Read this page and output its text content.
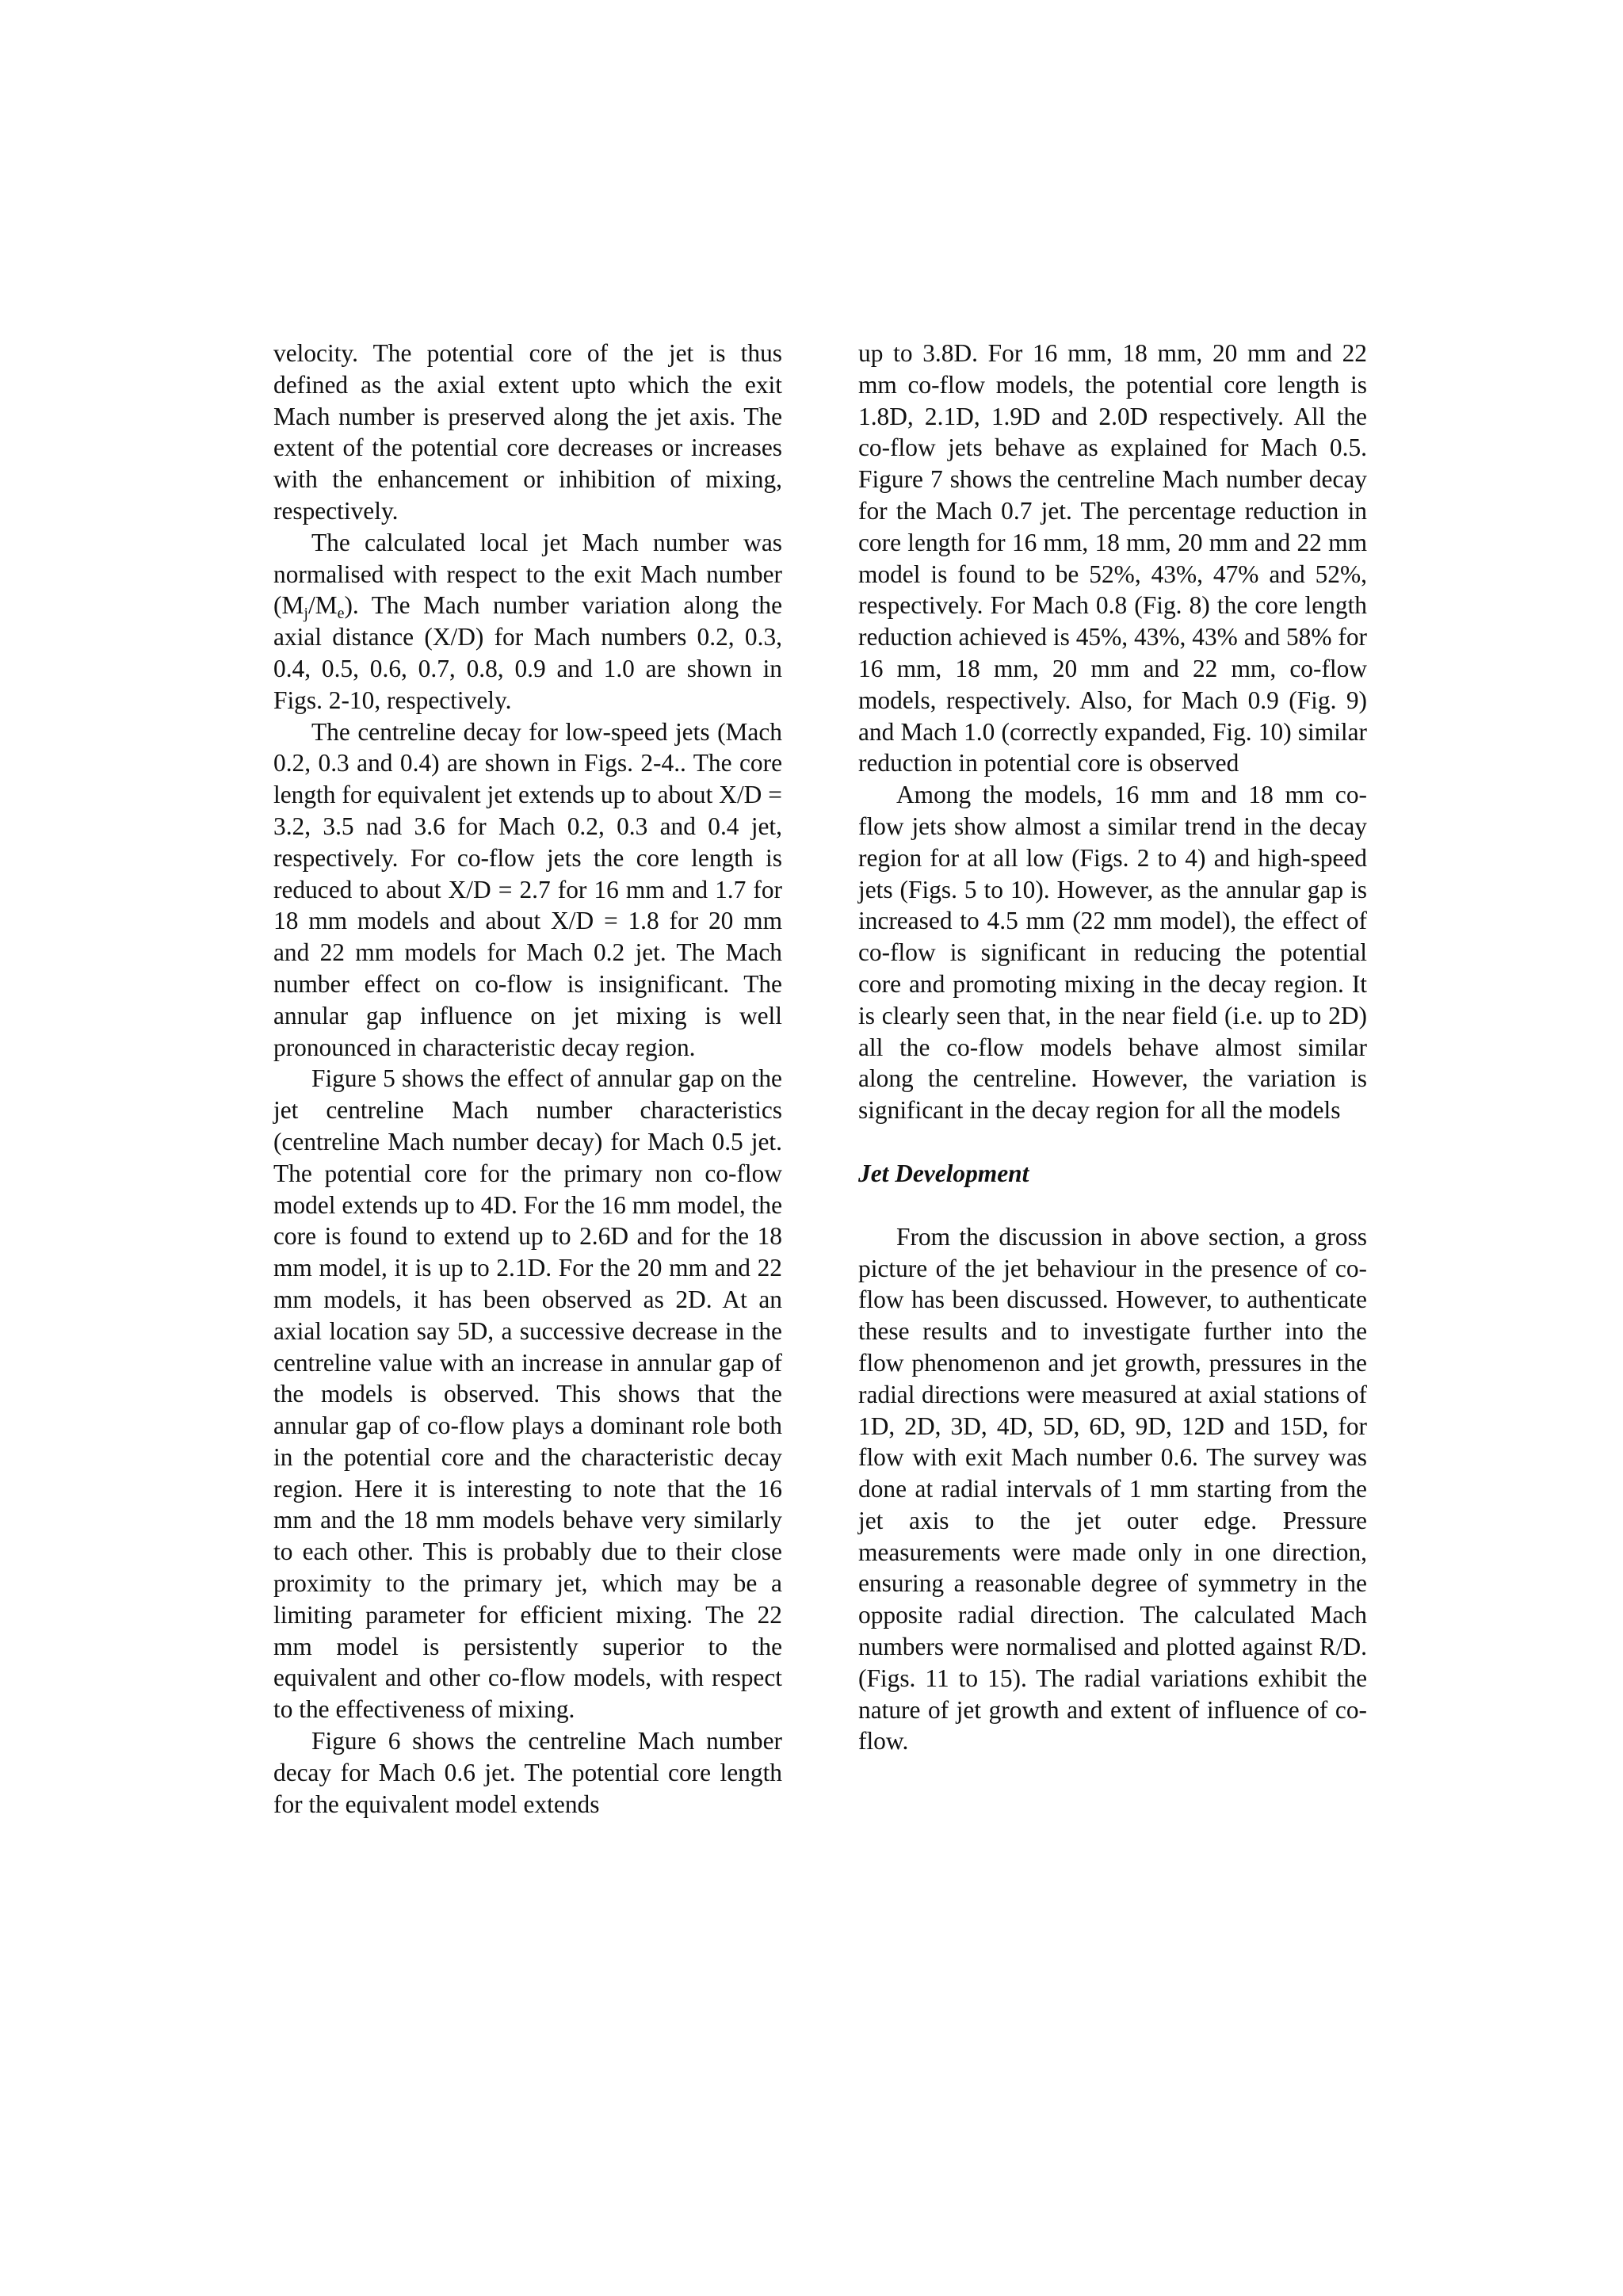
velocity. The potential core of the jet is thus defined as the axial extent upto which the exit Mach number is preserved along the jet axis. The extent of the potential core decreases or increases with the enhancement or inhibition of mixing, respectively.

The calculated local jet Mach number was normalised with respect to the exit Mach number $(M_j/M_e)$. The Mach number variation along the axial distance (X/D) for Mach numbers 0.2, 0.3, 0.4, 0.5, 0.6, 0.7, 0.8, 0.9 and 1.0 are shown in Figs. 2-10, respectively.

The centreline decay for low-speed jets (Mach 0.2, 0.3 and 0.4) are shown in Figs. 2-4.. The core length for equivalent jet extends up to about X/D = 3.2, 3.5 nad 3.6 for Mach 0.2, 0.3 and 0.4 jet, respectively. For co-flow jets the core length is reduced to about X/D = 2.7 for 16 mm and 1.7 for 18 mm models and about X/D = 1.8 for 20 mm and 22 mm models for Mach 0.2 jet. The Mach number effect on co-flow is insignificant. The annular gap influence on jet mixing is well pronounced in characteristic decay region.

Figure 5 shows the effect of annular gap on the jet centreline Mach number characteristics (centreline Mach number decay) for Mach 0.5 jet. The potential core for the primary non co-flow model extends up to 4D. For the 16 mm model, the core is found to extend up to 2.6D and for the 18 mm model, it is up to 2.1D. For the 20 mm and 22 mm models, it has been observed as 2D. At an axial location say 5D, a successive decrease in the centreline value with an increase in annular gap of the models is observed. This shows that the annular gap of co-flow plays a dominant role both in the potential core and the characteristic decay region. Here it is interesting to note that the 16 mm and the 18 mm models behave very similarly to each other. This is probably due to their close proximity to the primary jet, which may be a limiting parameter for efficient mixing. The 22 mm model is persistently superior to the equivalent and other co-flow models, with respect to the effectiveness of mixing.

Figure 6 shows the centreline Mach number decay for Mach 0.6 jet. The potential core length for the equivalent model extends

up to 3.8D. For 16 mm, 18 mm, 20 mm and 22 mm co-flow models, the potential core length is 1.8D, 2.1D, 1.9D and 2.0D respectively. All the co-flow jets behave as explained for Mach 0.5. Figure 7 shows the centreline Mach number decay for the Mach 0.7 jet. The percentage reduction in core length for 16 mm, 18 mm, 20 mm and 22 mm model is found to be 52%, 43%, 47% and 52%, respectively. For Mach 0.8 (Fig. 8) the core length reduction achieved is 45%, 43%, 43% and 58% for 16 mm, 18 mm, 20 mm and 22 mm, co-flow models, respectively. Also, for Mach 0.9 (Fig. 9) and Mach 1.0 (correctly expanded, Fig. 10) similar reduction in potential core is observed

Among the models, 16 mm and 18 mm co-flow jets show almost a similar trend in the decay region for at all low (Figs. 2 to 4) and high-speed jets (Figs. 5 to 10). However, as the annular gap is increased to 4.5 mm (22 mm model), the effect of co-flow is significant in reducing the potential core and promoting mixing in the decay region. It is clearly seen that, in the near field (i.e. up to 2D) all the co-flow models behave almost similar along the centreline. However, the variation is significant in the decay region for all the models

Jet Development

From the discussion in above section, a gross picture of the jet behaviour in the presence of co-flow has been discussed. However, to authenticate these results and to investigate further into the flow phenomenon and jet growth, pressures in the radial directions were measured at axial stations of 1D, 2D, 3D, 4D, 5D, 6D, 9D, 12D and 15D, for flow with exit Mach number 0.6. The survey was done at radial intervals of 1 mm starting from the jet axis to the jet outer edge. Pressure measurements were made only in one direction, ensuring a reasonable degree of symmetry in the opposite radial direction. The calculated Mach numbers were normalised and plotted against R/D. (Figs. 11 to 15). The radial variations exhibit the nature of jet growth and extent of influence of co-flow.
